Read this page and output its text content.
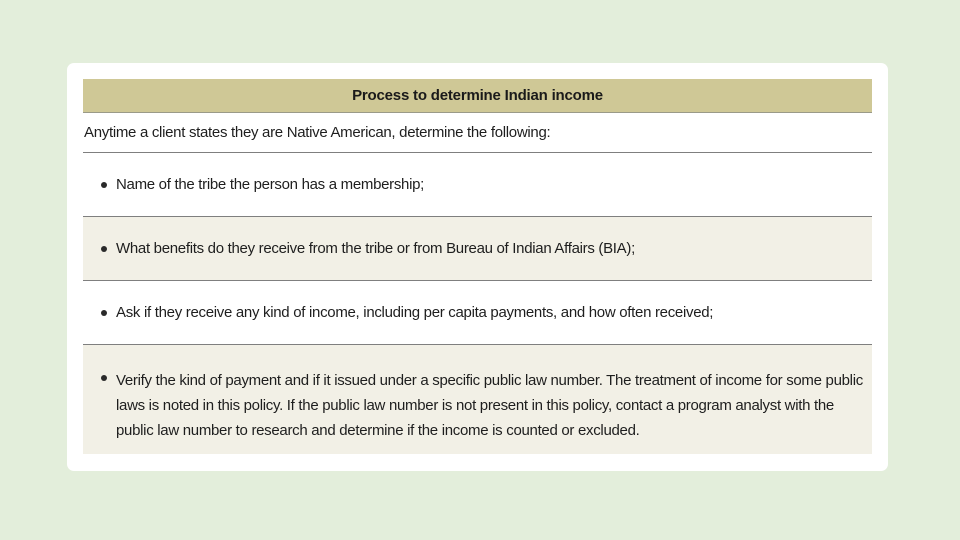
Process to determine Indian income
Anytime a client states they are Native American, determine the following:
Name of the tribe the person has a membership;
What benefits do they receive from the tribe or from Bureau of Indian Affairs (BIA);
Ask if they receive any kind of income, including per capita payments, and how often received;
Verify the kind of payment and if it issued under a specific public law number. The treatment of income for some public laws is noted in this policy. If the public law number is not present in this policy, contact a program analyst with the public law number to research and determine if the income is counted or excluded.
